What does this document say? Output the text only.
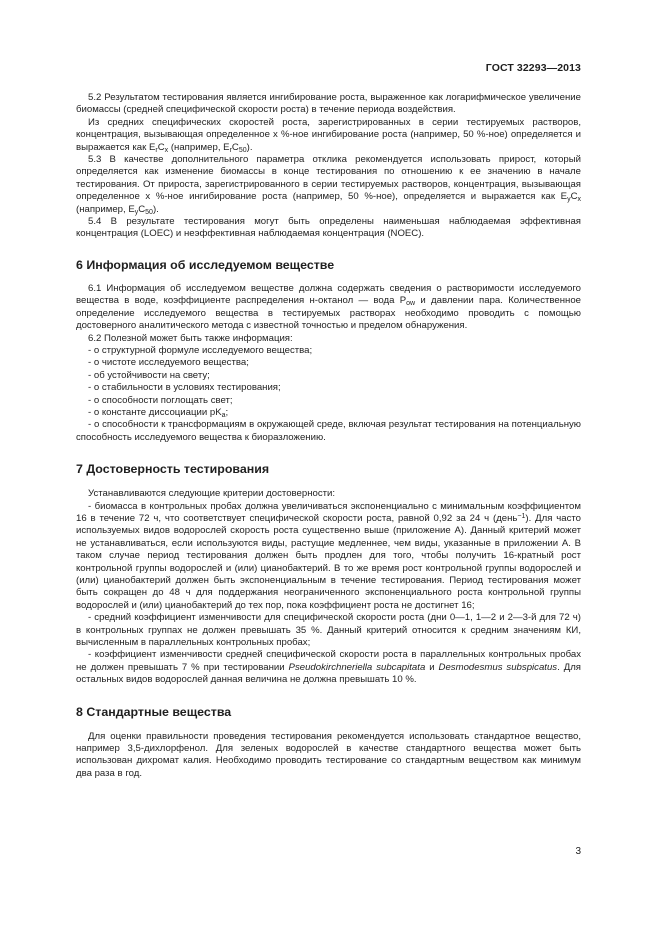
ГОСТ 32293—2013

5.2 Результатом тестирования является ингибирование роста, выраженное как логарифмическое увеличение биомассы (средней специфической скорости роста) в течение периода воздействия.

Из средних специфических скоростей роста, зарегистрированных в серии тестируемых растворов, концентрация, вызывающая определенное x %-ное ингибирование роста (например, 50 %-ное) определяется и выражается как $E_rC_x$ (например, $E_rC_{50}$).

5.3 В качестве дополнительного параметра отклика рекомендуется использовать прирост, который определяется как изменение биомассы в конце тестирования по отношению к ее значению в начале тестирования. От прироста, зарегистрированного в серии тестируемых растворов, концентрация, вызывающая определенное x %-ное ингибирование роста (например, 50 %-ное), определяется и выражается как $E_yC_x$ (например, $E_yC_{50}$).

5.4 В результате тестирования могут быть определены наименьшая наблюдаемая эффективная концентрация (LOEC) и неэффективная наблюдаемая концентрация (NOEC).

6 Информация об исследуемом веществе

6.1 Информация об исследуемом веществе должна содержать сведения о растворимости исследуемого вещества в воде, коэффициенте распределения н-октанол — вода $P_{ow}$ и давлении пара. Количественное определение исследуемого вещества в тестируемых растворах необходимо проводить с помощью достоверного аналитического метода с известной точностью и пределом обнаружения.

6.2 Полезной может быть также информация:

- о структурной формуле исследуемого вещества;

- о чистоте исследуемого вещества;

- об устойчивости на свету;

- о стабильности в условиях тестирования;

- о способности поглощать свет;

- о константе диссоциации $pK_a$;

- о способности к трансформациям в окружающей среде, включая результат тестирования на потенциальную способность исследуемого вещества к биоразложению.

7 Достоверность тестирования

Устанавливаются следующие критерии достоверности:

- биомасса в контрольных пробах должна увеличиваться экспоненциально с минимальным коэффициентом 16 в течение 72 ч, что соответствует специфической скорости роста, равной 0,92 за 24 ч (день$^{-1}$). Для часто используемых видов водорослей скорость роста существенно выше (приложение А). Данный критерий может не устанавливаться, если используются виды, растущие медленнее, чем виды, указанные в приложении А. В таком случае период тестирования должен быть продлен для того, чтобы получить 16-кратный рост контрольной группы водорослей и (или) цианобактерий. В то же время рост контрольной группы водорослей и (или) цианобактерий должен быть экспоненциальным в течение тестирования. Период тестирования может быть сокращен до 48 ч для поддержания неограниченного экспоненциального роста контрольной группы водорослей и (или) цианобактерий до тех пор, пока коэффициент роста не достигнет 16;

- средний коэффициент изменчивости для специфической скорости роста (дни 0—1, 1—2 и 2—3-й для 72 ч) в контрольных группах не должен превышать 35 %. Данный критерий относится к средним значениям КИ, вычисленным в параллельных контрольных пробах;

- коэффициент изменчивости средней специфической скорости роста в параллельных контрольных пробах не должен превышать 7 % при тестировании Pseudokirchneriella subcapitata и Desmodesmus subspicatus. Для остальных видов водорослей данная величина не должна превышать 10 %.

8 Стандартные вещества

Для оценки правильности проведения тестирования рекомендуется использовать стандартное вещество, например 3,5-дихлорфенол. Для зеленых водорослей в качестве стандартного вещества может быть использован дихромат калия. Необходимо проводить тестирование со стандартным веществом как минимум два раза в год.

3
